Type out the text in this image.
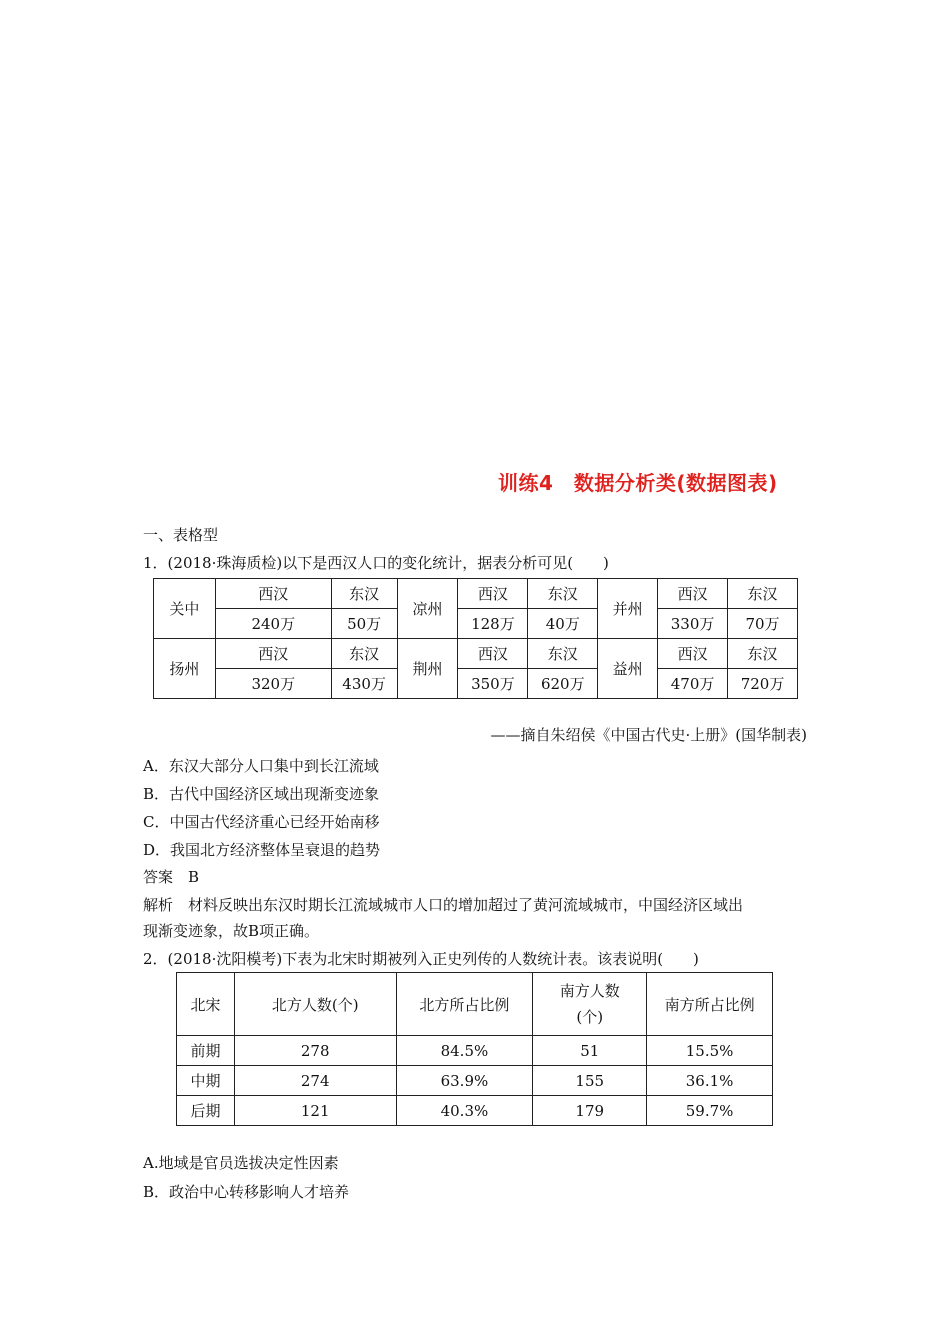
训练4　数据分析类(数据图表)
一、表格型
1．(2018·珠海质检)以下是西汉人口的变化统计，据表分析可见(　　)
关中	西汉	东汉	凉州	西汉	东汉	并州	西汉	东汉
	240万	50万		128万	40万		330万	70万
扬州	西汉	东汉	荆州	西汉	东汉	益州	西汉	东汉
	320万	430万		350万	620万		470万	720万
——摘自朱绍侯《中国古代史·上册》(国华制表)
A．东汉大部分人口集中到长江流域
B．古代中国经济区域出现渐变迹象
C．中国古代经济重心已经开始南移
D．我国北方经济整体呈衰退的趋势
答案　B
解析　材料反映出东汉时期长江流域城市人口的增加超过了黄河流域城市，中国经济区域出
现渐变迹象，故B项正确。
2．(2018·沈阳模考)下表为北宋时期被列入正史列传的人数统计表。该表说明(　　)
北宋	北方人数(个)	北方所占比例	南方人数(个)	南方所占比例
前期	278	84.5%	51	15.5%
中期	274	63.9%	155	36.1%
后期	121	40.3%	179	59.7%
A.地域是官员选拔决定性因素
B．政治中心转移影响人才培养
